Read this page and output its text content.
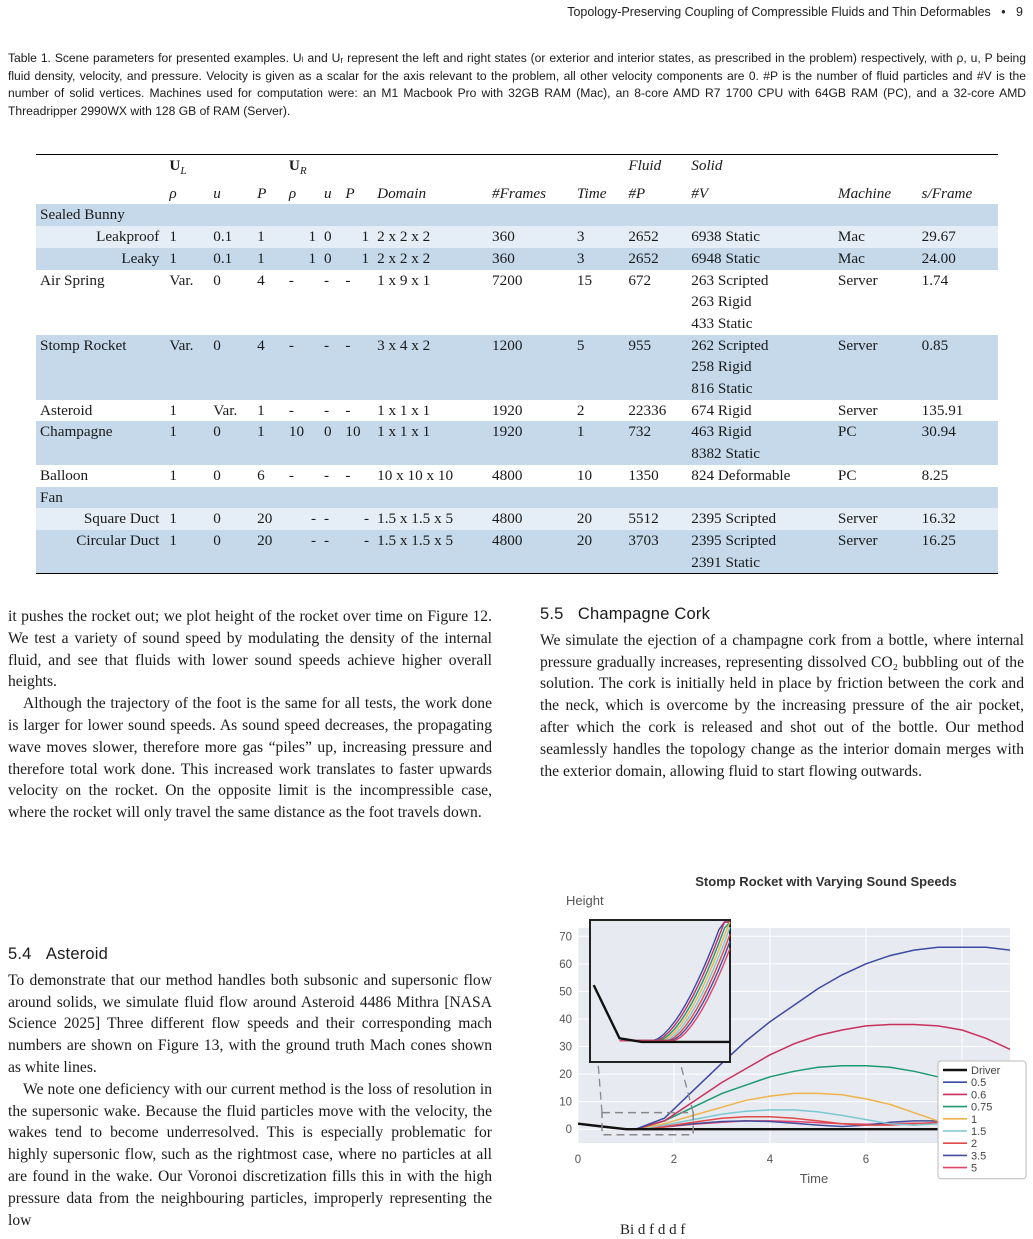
Topology-Preserving Coupling of Compressible Fluids and Thin Deformables   •   9
Table 1. Scene parameters for presented examples. Uₗ and Uᵣ represent the left and right states (or exterior and interior states, as prescribed in the problem) respectively, with ρ, u, P being fluid density, velocity, and pressure. Velocity is given as a scalar for the axis relevant to the problem, all other velocity components are 0. #P is the number of fluid particles and #V is the number of solid vertices. Machines used for computation were: an M1 Macbook Pro with 32GB RAM (Mac), an 8-core AMD R7 1700 CPU with 64GB RAM (PC), and a 32-core AMD Threadripper 2990WX with 128 GB of RAM (Server).
	$U_L$			$U_R$						Fluid	Solid		
	ρ	u	P	ρ	u	P	Domain	#Frames	Time	#P	#V	Machine	s/Frame
Sealed Bunny													
Leakproof	1	0.1	1	1	0	1	2 x 2 x 2	360	3	2652	6938 Static	Mac	29.67
Leaky	1	0.1	1	1	0	1	2 x 2 x 2	360	3	2652	6948 Static	Mac	24.00
Air Spring	Var.	0	4	-	-	-	1 x 9 x 1	7200	15	672	263 Scripted
263 Rigid
433 Static	Server	1.74
Stomp Rocket	Var.	0	4	-	-	-	3 x 4 x 2	1200	5	955	262 Scripted
258 Rigid
816 Static	Server	0.85
Asteroid	1	Var.	1	-	-	-	1 x 1 x 1	1920	2	22336	674 Rigid	Server	135.91
Champagne	1	0	1	10	0	10	1 x 1 x 1	1920	1	732	463 Rigid
8382 Static	PC	30.94
Balloon	1	0	6	-	-	-	10 x 10 x 10	4800	10	1350	824 Deformable	PC	8.25
Fan													
Square Duct	1	0	20	-	-	-	1.5 x 1.5 x 5	4800	20	5512	2395 Scripted	Server	16.32
Circular Duct	1	0	20	-	-	-	1.5 x 1.5 x 5	4800	20	3703	2395 Scripted
2391 Static	Server	16.25

it pushes the rocket out; we plot height of the rocket over time on Figure 12. We test a variety of sound speed by modulating the density of the internal fluid, and see that fluids with lower sound speeds achieve higher overall heights.

Although the trajectory of the foot is the same for all tests, the work done is larger for lower sound speeds. As sound speed decreases, the propagating wave moves slower, therefore more gas “piles” up, increasing pressure and therefore total work done. This increased work translates to faster upwards velocity on the rocket. On the opposite limit is the incompressible case, where the rocket will only travel the same distance as the foot travels down.

5.4 Asteroid

To demonstrate that our method handles both subsonic and supersonic flow around solids, we simulate fluid flow around Asteroid 4486 Mithra [NASA Science 2025] Three different flow speeds and their corresponding mach numbers are shown on Figure 13, with the ground truth Mach cones shown as white lines.

We note one deficiency with our current method is the loss of resolution in the supersonic wake. Because the fluid particles move with the velocity, the wakes tend to become underresolved. This is especially problematic for highly supersonic flow, such as the rightmost case, where no particles at all are found in the wake. Our Voronoi discretization fills this in with the high pressure data from the neighbouring particles, improperly representing the low

5.5 Champagne Cork

We simulate the ejection of a champagne cork from a bottle, where internal pressure gradually increases, representing dissolved CO₂ bubbling out of the solution. The cork is initially held in place by friction between the cork and the neck, which is overcome by the increasing pressure of the air pocket, after which the cork is released and shot out of the bottle. Our method seamlessly handles the topology change as the interior domain merges with the exterior domain, allowing fluid to start flowing outwards.

Stomp Rocket with Varying Sound Speeds
0
10
20
30
40
50
60
70
0	2	4	6
Height
Time
Driver
0.5
0.6
0.75
1
1.5
2
3.5
5
Bi d f d d f
